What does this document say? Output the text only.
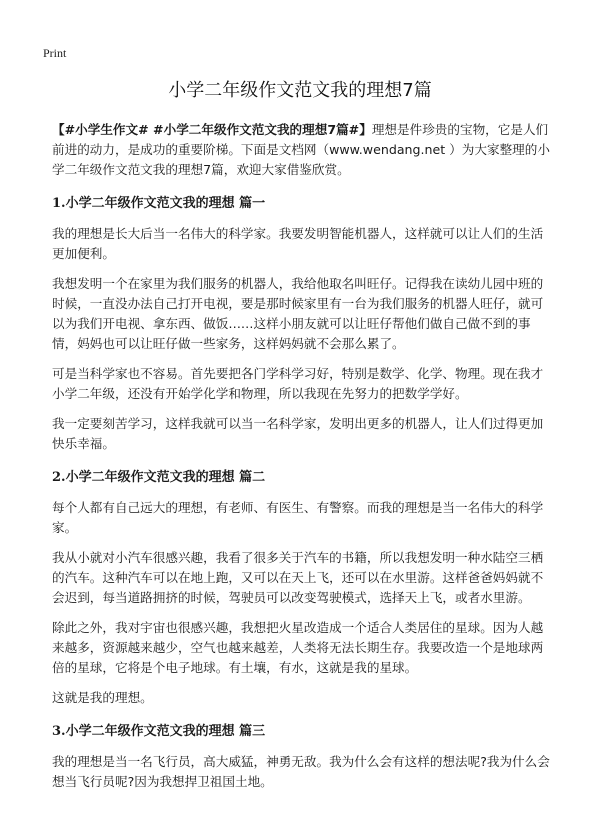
Print
小学二年级作文范文我的理想7篇

【#小学生作文# #小学二年级作文范文我的理想7篇#】理想是件珍贵的宝物，它是人们前进的动力，是成功的重要阶梯。下面是文档网（www.wendang.net ）为大家整理的小学二年级作文范文我的理想7篇，欢迎大家借鉴欣赏。

1.小学二年级作文范文我的理想 篇一

我的理想是长大后当一名伟大的科学家。我要发明智能机器人，这样就可以让人们的生活更加便利。

我想发明一个在家里为我们服务的机器人，我给他取名叫旺仔。记得我在读幼儿园中班的时候，一直没办法自己打开电视，要是那时候家里有一台为我们服务的机器人旺仔，就可以为我们开电视、拿东西、做饭……这样小朋友就可以让旺仔帮他们做自己做不到的事情，妈妈也可以让旺仔做一些家务，这样妈妈就不会那么累了。

可是当科学家也不容易。首先要把各门学科学习好，特别是数学、化学、物理。现在我才小学二年级，还没有开始学化学和物理，所以我现在先努力的把数学学好。

我一定要刻苦学习，这样我就可以当一名科学家，发明出更多的机器人，让人们过得更加快乐幸福。

2.小学二年级作文范文我的理想 篇二

每个人都有自己远大的理想，有老师、有医生、有警察。而我的理想是当一名伟大的科学家。

我从小就对小汽车很感兴趣，我看了很多关于汽车的书籍，所以我想发明一种水陆空三栖的汽车。这种汽车可以在地上跑，又可以在天上飞，还可以在水里游。这样爸爸妈妈就不会迟到，每当道路拥挤的时候，驾驶员可以改变驾驶模式，选择天上飞，或者水里游。

除此之外，我对宇宙也很感兴趣，我想把火星改造成一个适合人类居住的星球。因为人越来越多，资源越来越少，空气也越来越差，人类将无法长期生存。我要改造一个是地球两倍的星球，它将是个电子地球。有土壤，有水，这就是我的星球。

这就是我的理想。

3.小学二年级作文范文我的理想 篇三

我的理想是当一名飞行员，高大威猛，神勇无敌。我为什么会有这样的想法呢?我为什么会想当飞行员呢?因为我想捍卫祖国土地。
